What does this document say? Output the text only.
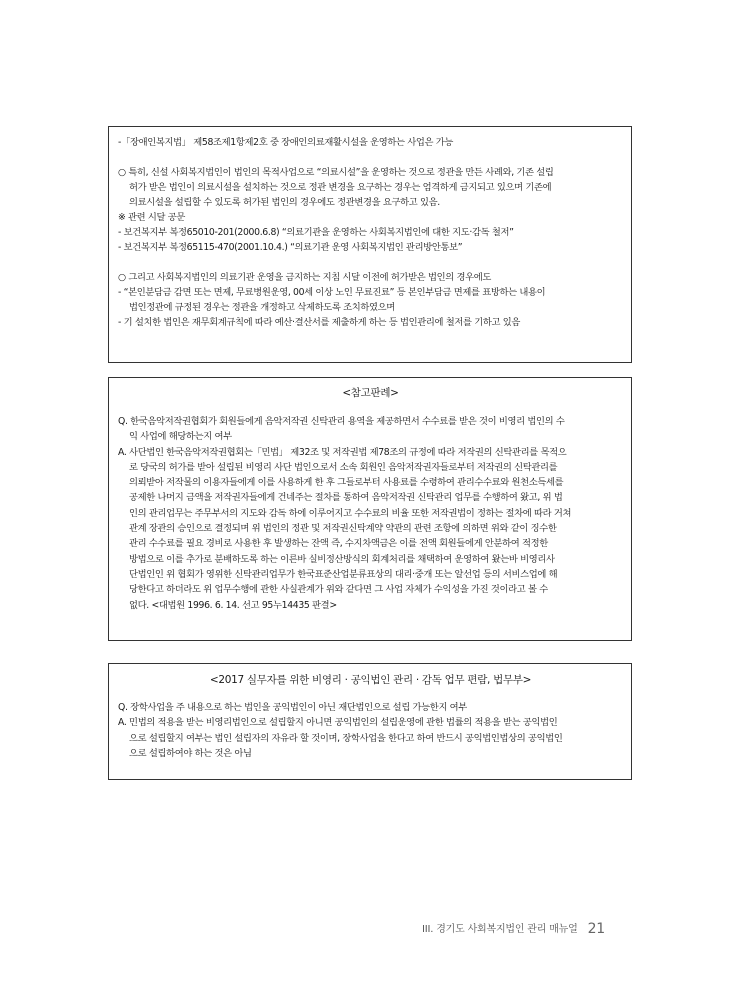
-「장애인복지법」 제58조제1항제2호 중 장애인의료재활시설을 운영하는 사업은 가능
○ 특히, 신설 사회복지법인이 법인의 목적사업으로 “의료시설”을 운영하는 것으로 정관을 만든 사례와, 기존 설립
허가 받은 법인이 의료시설을 설치하는 것으로 정관 변경을 요구하는 경우는 엄격하게 금지되고 있으며 기존에
의료시설을 설립할 수 있도록 허가된 법인의 경우에도 정관변경을 요구하고 있음.
※ 관련 시달 공문
- 보건복지부 복정65010-201(2000.6.8) “의료기관을 운영하는 사회복지법인에 대한 지도·감독 철저”
- 보건복지부 복정65115-470(2001.10.4.) “의료기관 운영 사회복지법인 관리방안통보”
○ 그리고 사회복지법인의 의료기관 운영을 금지하는 지침 시달 이전에 허가받은 법인의 경우에도
- “본인분담금 감면 또는 면제, 무료병원운영, 00세 이상 노인 무료진료” 등 본인부담금 면제를 표방하는 내용이
법인정관에 규정된 경우는 정관을 개정하고 삭제하도록 조치하였으며
- 기 설치한 법인은 재무회계규칙에 따라 예산·결산서를 제출하게 하는 등 법인관리에 철저를 기하고 있음
<참고판례>
Q. 한국음악저작권협회가 회원들에게 음악저작권 신탁관리 용역을 제공하면서 수수료를 받은 것이 비영리 법인의 수
익 사업에 해당하는지 여부
A. 사단법인 한국음악저작권협회는「민법」 제32조 및 저작권법 제78조의 규정에 따라 저작권의 신탁관리를 목적으
로 당국의 허가를 받아 설립된 비영리 사단 법인으로서 소속 회원인 음악저작권자들로부터 저작권의 신탁관리를
의뢰받아 저작물의 이용자들에게 이를 사용하게 한 후 그들로부터 사용료를 수령하여 관리수수료와 원천소득세를
공제한 나머지 금액을 저작권자들에게 건네주는 절차를 통하여 음악저작권 신탁관리 업무를 수행하여 왔고, 위 법
인의 관리업무는 주무부서의 지도와 감독 하에 이루어지고 수수료의 비율 또한 저작권법이 정하는 절차에 따라 거쳐
관계 장관의 승인으로 결정되며 위 법인의 정관 및 저작권신탁계약 약관의 관련 조항에 의하면 위와 같이 징수한
관리 수수료를 필요 경비로 사용한 후 발생하는 잔액 즉, 수지차액금은 이를 전액 회원들에게 안분하여 적정한
방법으로 이를 추가로 분배하도록 하는 이른바 실비정산방식의 회계처리를 채택하여 운영하여 왔는바 비영리사
단법인인 위 협회가 영위한 신탁관리업무가 한국표준산업분류표상의 대리·중개 또는 알선업 등의 서비스업에 해
당한다고 하더라도 위 업무수행에 관한 사실관계가 위와 같다면 그 사업 자체가 수익성을 가진 것이라고 볼 수
없다. <대법원 1996. 6. 14. 선고 95누14435 판결>
<2017 실무자를 위한 비영리 · 공익법인 관리 · 감독 업무 편람, 법무부>
Q. 장학사업을 주 내용으로 하는 법인을 공익법인이 아닌 재단법인으로 설립 가능한지 여부
A. 민법의 적용을 받는 비영리법인으로 설립할지 아니면 공익법인의 설립운영에 관한 법률의 적용을 받는 공익법인
으로 설립할지 여부는 법인 설립자의 자유라 할 것이며, 장학사업을 한다고 하여 반드시 공익법인법상의 공익법인
으로 설립하여야 하는 것은 아님
III. 경기도 사회복지법인 관리 매뉴얼 21
